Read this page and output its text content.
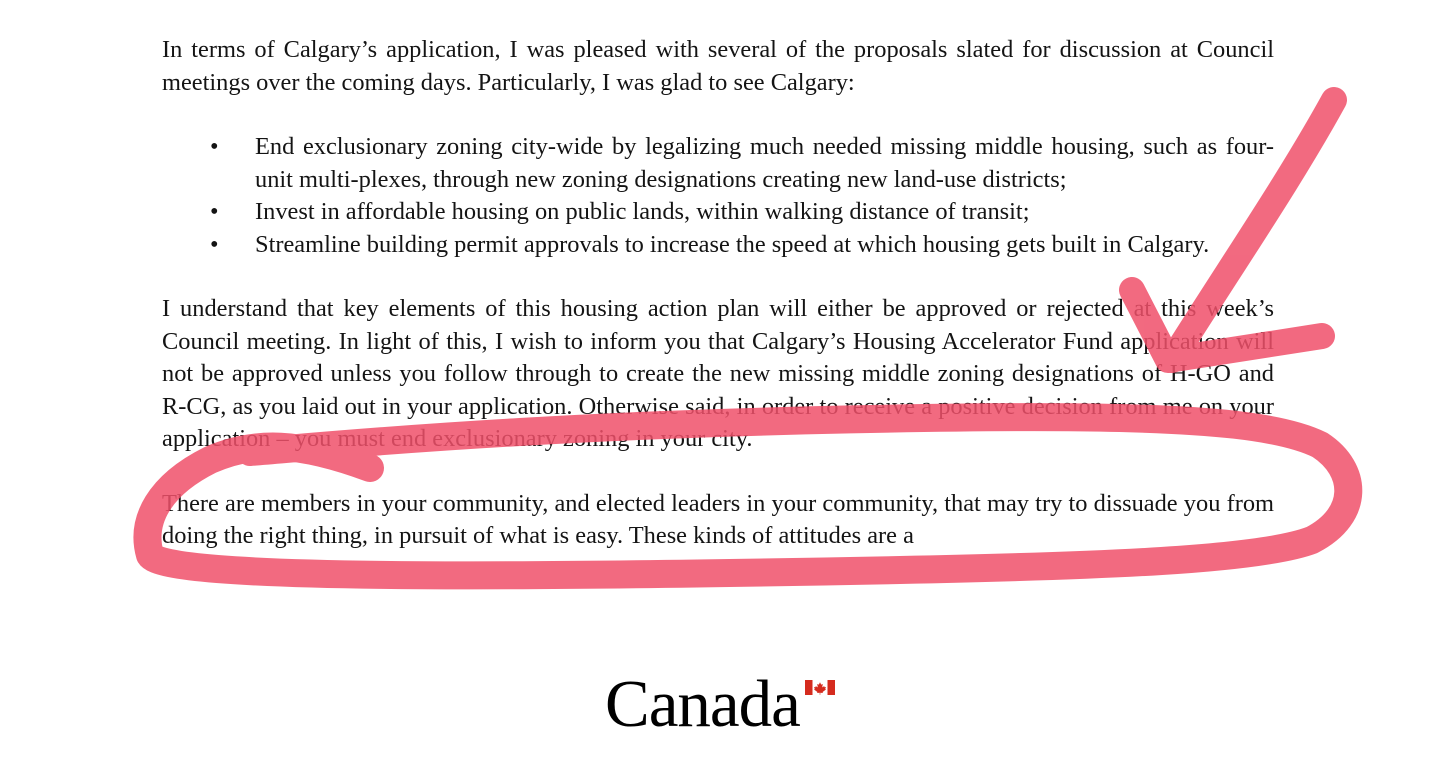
In terms of Calgary’s application, I was pleased with several of the proposals slated for discussion at Council meetings over the coming days. Particularly, I was glad to see Calgary:

• End exclusionary zoning city-wide by legalizing much needed missing middle housing, such as four-unit multi-plexes, through new zoning designations creating new land-use districts;
• Invest in affordable housing on public lands, within walking distance of transit;
• Streamline building permit approvals to increase the speed at which housing gets built in Calgary.

I understand that key elements of this housing action plan will either be approved or rejected at this week’s Council meeting. In light of this, I wish to inform you that Calgary’s Housing Accelerator Fund application will not be approved unless you follow through to create the new missing middle zoning designations of H-GO and R-CG, as you laid out in your application. Otherwise said, in order to receive a positive decision from me on your application – you must end exclusionary zoning in your city.

There are members in your community, and elected leaders in your community, that may try to dissuade you from doing the right thing, in pursuit of what is easy. These kinds of attitudes are a

Canada
